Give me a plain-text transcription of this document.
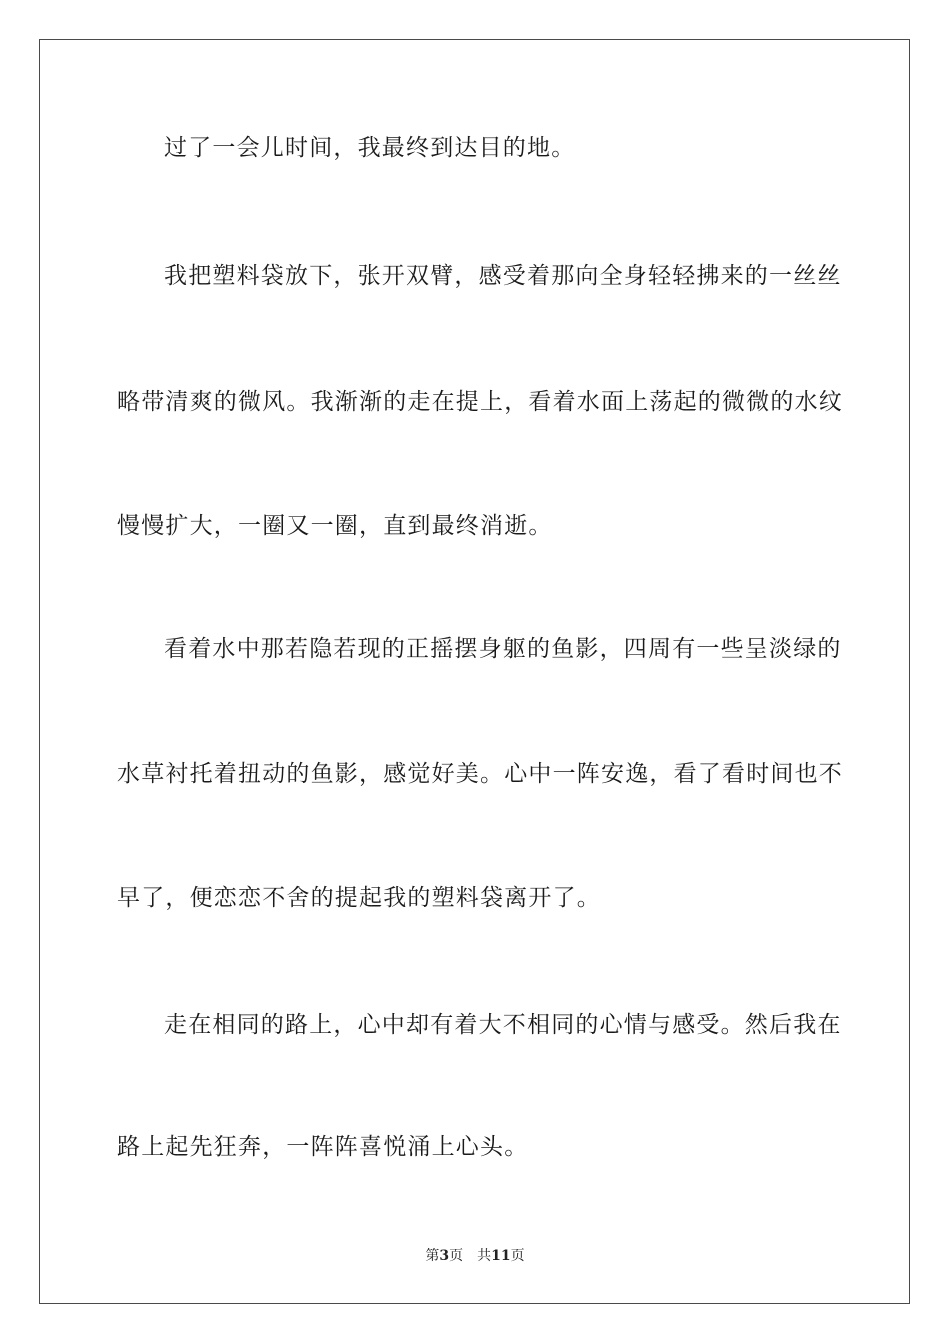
过了一会儿时间，我最终到达目的地。
我把塑料袋放下，张开双臂，感受着那向全身轻轻拂来的一丝丝
略带清爽的微风。我渐渐的走在提上，看着水面上荡起的微微的水纹
慢慢扩大，一圈又一圈，直到最终消逝。
看着水中那若隐若现的正摇摆身躯的鱼影，四周有一些呈淡绿的
水草衬托着扭动的鱼影，感觉好美。心中一阵安逸，看了看时间也不
早了，便恋恋不舍的提起我的塑料袋离开了。
走在相同的路上，心中却有着大不相同的心情与感受。然后我在
路上起先狂奔，一阵阵喜悦涌上心头。
第3页 共11页
